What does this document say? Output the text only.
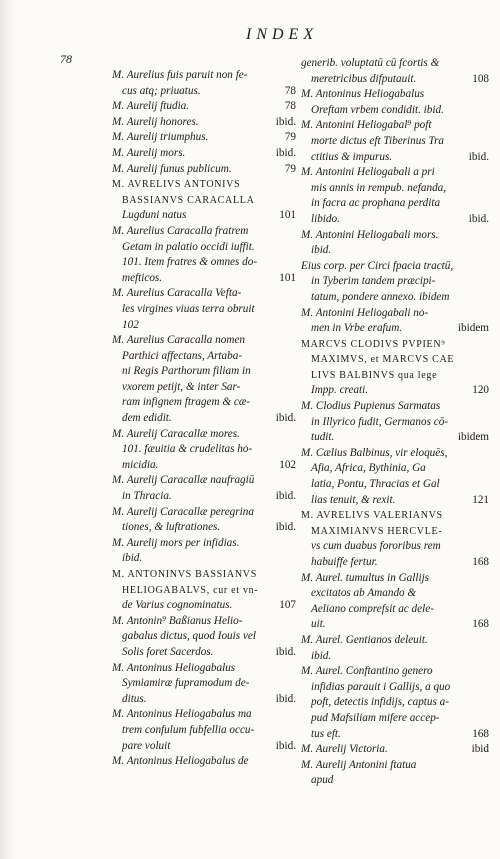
INDEX
78
M. Aurelius fuis paruit non fe-
cus atq; priuatus.	78
M. Aurelij ftudia.	78
M. Aurelij honores.	ibid.
M. Aurelij triumphus.	79
M. Aurelij mors.	ibid.
M. Aurelij funus publicum.	79
M. AVRELIVS ANTONIVS
BASSIANVS CARACALLA
Lugduni natus	101
M. Aurelius Caracalla fratrem
Getam in palatio occidi iuffit.
101. Item fratres & omnes do-
mefticos.	101
M. Aurelius Caracalla Vefta-
les virgines viuas terra obruit
102
M. Aurelius Caracalla nomen
Parthici affectans, Artaba-
ni Regis Parthorum filiam in
vxorem petijt, & inter Sar-
ram infignem ftragem & cæ-
dem edidit.	ibid.
M. Aurelij Caracallæ mores.
101. fæuitia & crudelitas ho-
micidia.	102
M. Aurelij Caracallæ naufragiū
in Thracia.	ibid.
M. Aurelij Caracallæ peregrina
tiones, & luftrationes.	ibid.
M. Aurelij mors per infidias.
ibid.
M. ANTONINVS BASSIANVS
HELIOGABALVS, cur et vn-
de Varius cognominatus.	107
M. Antonin⁹ Baßianus Helio-
gabalus dictus, quod Iouis vel
Solis foret Sacerdos.	ibid.
M. Antoninus Heliogabalus
Symiamiræ fupramodum de-
ditus.	ibid.
M. Antoninus Heliogabalus ma
trem confulum fubfellia occu-
pare voluit	ibid.
M. Antoninus Heliogabalus de
generib. voluptatū cū fcortis &
meretricibus difputauit.	108
M. Antoninus Heliogabalus
Oreftam vrbem condidit. ibid.
M. Antonini Heliogabal⁹ poft
morte dictus eft Tiberinus Tra
ctitius & impurus.	ibid.
M. Antonini Heliogabali a pri
mis annis in rempub. nefanda,
in facra ac prophana perdita
libido.	ibid.
M. Antonini Heliogabali mors.
ibid.
Eius corp. per Circi fpacia tractū,
in Tyberim tandem præcipi-
tatum, pondere annexo. ibidem
M. Antonini Heliogabali no-
men in Vrbe erafum.	ibidem
MARCVS CLODIVS PVPIEN⁹
MAXIMVS, et MARCVS CAE
LIVS BALBINVS qua lege
Impp. creati.	120
M. Clodius Pupienus Sarmatas
in Illyrico fudit, Germanos cō-
tudit.	ibidem
M. Cælius Balbinus, vir eloquēs,
Afia, Africa, Bythinia, Ga
latia, Pontu, Thracias et Gal
lias tenuit, & rexit.	121
M. AVRELIVS VALERIANVS
MAXIMIANVS HERCVLE-
vs cum duabus fororibus rem
habuiffe fertur.	168
M. Aurel. tumultus in Gallijs
excitatos ab Amando &
Aeliano comprefsit ac dele-
uit.	168
M. Aurel. Gentianos deleuit.
ibid.
M. Aurel. Conftantino genero
infidias parauit i Gallijs, a quo
poft, detectis infidijs, captus a-
pud Mafsiliam mifere accep-
tus eft.	168
M. Aurelij Victoria.	ibid
M. Aurelij Antonini ftatua
apud
